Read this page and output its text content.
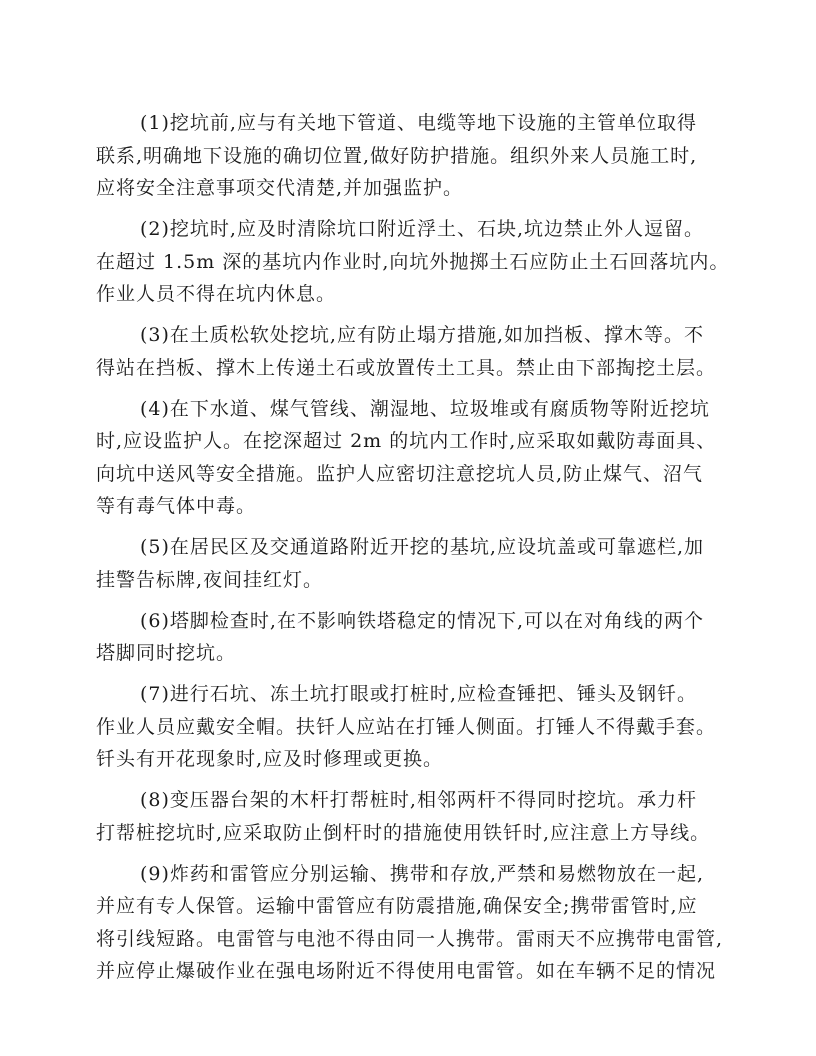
(1)挖坑前,应与有关地下管道、电缆等地下设施的主管单位取得
联系,明确地下设施的确切位置,做好防护措施。组织外来人员施工时,
应将安全注意事项交代清楚,并加强监护。
(2)挖坑时,应及时清除坑口附近浮土、石块,坑边禁止外人逗留。
在超过 1.5m 深的基坑内作业时,向坑外抛掷土石应防止土石回落坑内。
作业人员不得在坑内休息。
(3)在土质松软处挖坑,应有防止塌方措施,如加挡板、撑木等。不
得站在挡板、撑木上传递土石或放置传土工具。禁止由下部掏挖土层。
(4)在下水道、煤气管线、潮湿地、垃圾堆或有腐质物等附近挖坑
时,应设监护人。在挖深超过 2m 的坑内工作时,应采取如戴防毒面具、
向坑中送风等安全措施。监护人应密切注意挖坑人员,防止煤气、沼气
等有毒气体中毒。
(5)在居民区及交通道路附近开挖的基坑,应设坑盖或可靠遮栏,加
挂警告标牌,夜间挂红灯。
(6)塔脚检查时,在不影响铁塔稳定的情况下,可以在对角线的两个
塔脚同时挖坑。
(7)进行石坑、冻土坑打眼或打桩时,应检查锤把、锤头及钢钎。
作业人员应戴安全帽。扶钎人应站在打锤人侧面。打锤人不得戴手套。
钎头有开花现象时,应及时修理或更换。
(8)变压器台架的木杆打帮桩时,相邻两杆不得同时挖坑。承力杆
打帮桩挖坑时,应采取防止倒杆时的措施使用铁钎时,应注意上方导线。
(9)炸药和雷管应分别运输、携带和存放,严禁和易燃物放在一起,
并应有专人保管。运输中雷管应有防震措施,确保安全;携带雷管时,应
将引线短路。电雷管与电池不得由同一人携带。雷雨天不应携带电雷管,
并应停止爆破作业在强电场附近不得使用电雷管。如在车辆不足的情况
